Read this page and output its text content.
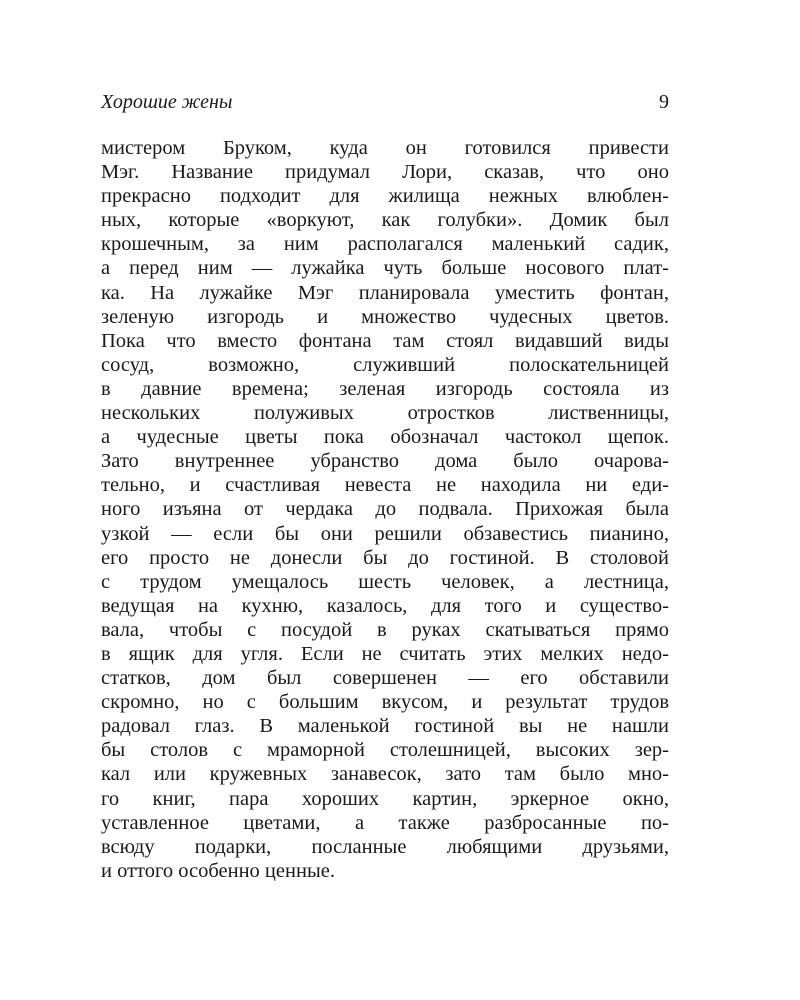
Хорошие жены	9
мистером Бруком, куда он готовился привести
Мэг. Название придумал Лори, сказав, что оно
прекрасно подходит для жилища нежных влюблен-
ных, которые «воркуют, как голубки». Домик был
крошечным, за ним располагался маленький садик,
а перед ним — лужайка чуть больше носового плат-
ка. На лужайке Мэг планировала уместить фонтан,
зеленую изгородь и множество чудесных цветов.
Пока что вместо фонтана там стоял видавший виды
сосуд, возможно, служивший полоскательницей
в давние времена; зеленая изгородь состояла из
нескольких полуживых отростков лиственницы,
а чудесные цветы пока обозначал частокол щепок.
Зато внутреннее убранство дома было очарова-
тельно, и счастливая невеста не находила ни еди-
ного изъяна от чердака до подвала. Прихожая была
узкой — если бы они решили обзавестись пианино,
его просто не донесли бы до гостиной. В столовой
с трудом умещалось шесть человек, а лестница,
ведущая на кухню, казалось, для того и существо-
вала, чтобы с посудой в руках скатываться прямо
в ящик для угля. Если не считать этих мелких недо-
статков, дом был совершенен — его обставили
скромно, но с большим вкусом, и результат трудов
радовал глаз. В маленькой гостиной вы не нашли
бы столов с мраморной столешницей, высоких зер-
кал или кружевных занавесок, зато там было мно-
го книг, пара хороших картин, эркерное окно,
уставленное цветами, а также разбросанные по-
всюду подарки, посланные любящими друзьями,
и оттого особенно ценные.
